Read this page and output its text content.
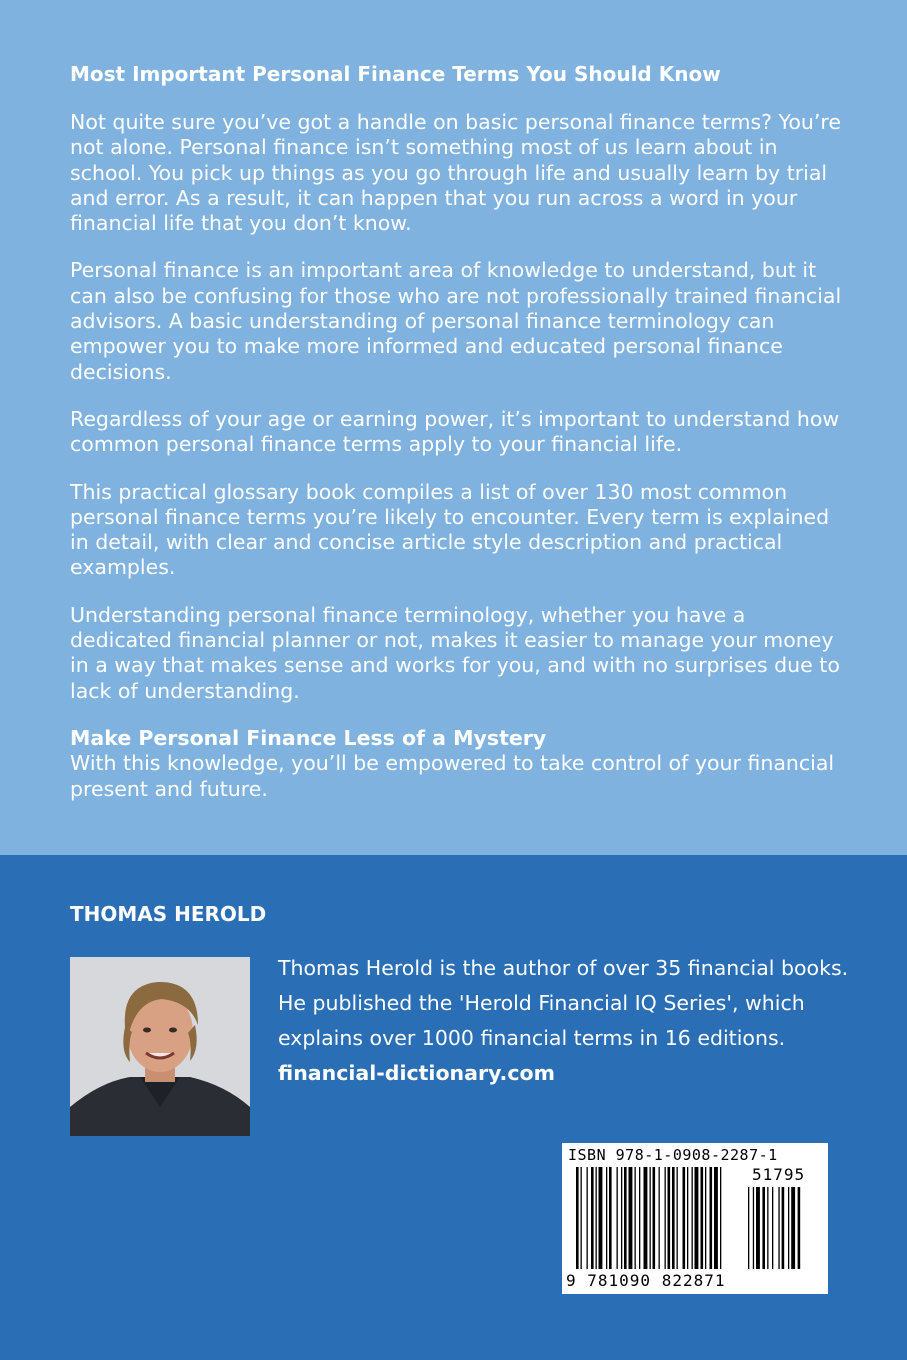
Most Important Personal Finance Terms You Should Know

Not quite sure you’ve got a handle on basic personal finance terms? You’re not alone. Personal finance isn’t something most of us learn about in school. You pick up things as you go through life and usually learn by trial and error. As a result, it can happen that you run across a word in your financial life that you don’t know.

Personal finance is an important area of knowledge to understand, but it can also be confusing for those who are not professionally trained financial advisors. A basic understanding of personal finance terminology can empower you to make more informed and educated personal finance decisions.

Regardless of your age or earning power, it’s important to understand how common personal finance terms apply to your financial life.

This practical glossary book compiles a list of over 130 most common personal finance terms you’re likely to encounter. Every term is explained in detail, with clear and concise article style description and practical examples.

Understanding personal finance terminology, whether you have a dedicated financial planner or not, makes it easier to manage your money in a way that makes sense and works for you, and with no surprises due to lack of understanding.

Make Personal Finance Less of a Mystery

With this knowledge, you’ll be empowered to take control of your financial present and future.

THOMAS HEROLD
Thomas Herold is the author of over 35 financial books. He published the 'Herold Financial IQ Series', which explains over 1000 financial terms in 16 editions.
financial-dictionary.com
ISBN 978-1-0908-2287-1
51795
9 781090 822871
